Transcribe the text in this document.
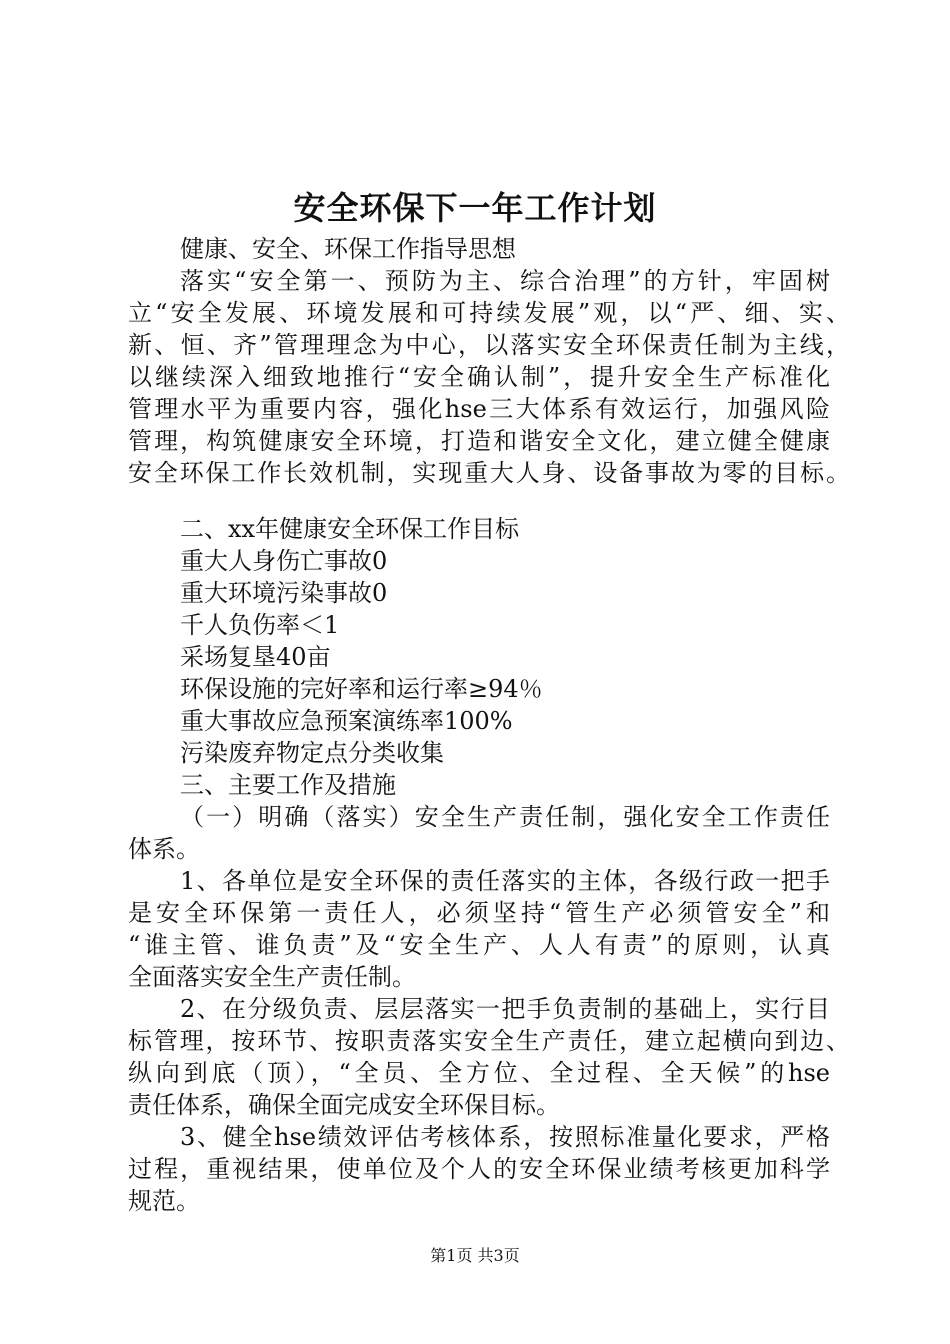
安全环保下一年工作计划
健康、安全、环保工作指导思想
落实“安全第一、预防为主、综合治理”的方针，牢固树
立“安全发展、环境发展和可持续发展”观，以“严、细、实、
新、恒、齐”管理理念为中心，以落实安全环保责任制为主线，
以继续深入细致地推行“安全确认制”，提升安全生产标准化
管理水平为重要内容，强化hse三大体系有效运行，加强风险
管理，构筑健康安全环境，打造和谐安全文化，建立健全健康
安全环保工作长效机制，实现重大人身、设备事故为零的目标。
二、xx年健康安全环保工作目标
重大人身伤亡事故0
重大环境污染事故0
千人负伤率＜1
采场复垦40亩
环保设施的完好率和运行率≥94％
重大事故应急预案演练率100%
污染废弃物定点分类收集
三、主要工作及措施
（一）明确（落实）安全生产责任制，强化安全工作责任
体系。
1、各单位是安全环保的责任落实的主体，各级行政一把手
是安全环保第一责任人，必须坚持“管生产必须管安全”和
“谁主管、谁负责”及“安全生产、人人有责”的原则，认真
全面落实安全生产责任制。
2、在分级负责、层层落实一把手负责制的基础上，实行目
标管理，按环节、按职责落实安全生产责任，建立起横向到边、
纵向到底（顶），“全员、全方位、全过程、全天候”的hse
责任体系，确保全面完成安全环保目标。
3、健全hse绩效评估考核体系，按照标准量化要求，严格
过程，重视结果，使单位及个人的安全环保业绩考核更加科学
规范。
第1页 共3页
